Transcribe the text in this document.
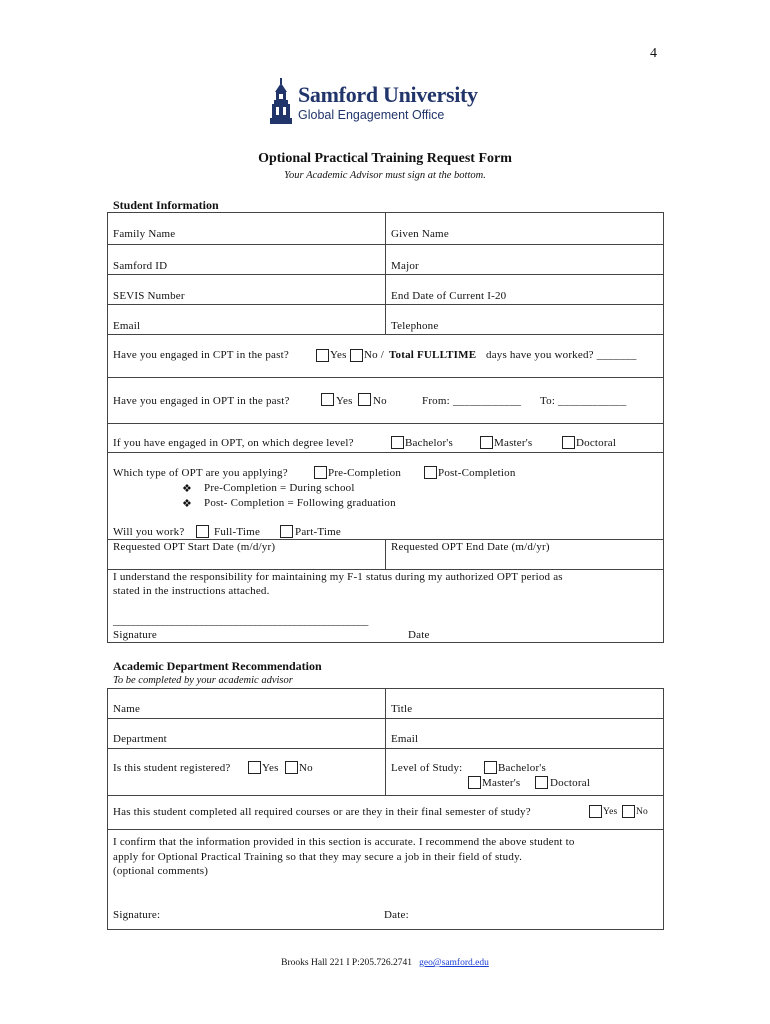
4
Samford University
Global Engagement Office
Optional Practical Training Request Form
Your Academic Advisor must sign at the bottom.
Student Information
Family Name	Given Name
Samford ID	Major
SEVIS Number	End Date of Current I-20
Email	Telephone
Have you engaged in CPT in the past?	Yes No / Total FULLTIME days have you worked? _______
Have you engaged in OPT in the past?	Yes No	From: ____________ To: ____________
If you have engaged in OPT, on which degree level?	Bachelor's	Master's	Doctoral
Which type of OPT are you applying?	Pre-Completion	Post-Completion
❖ Pre-Completion = During school
❖ Post- Completion = Following graduation
Will you work?	Full-Time	Part-Time
Requested OPT Start Date (m/d/yr)	Requested OPT End Date (m/d/yr)
I understand the responsibility for maintaining my F-1 status during my authorized OPT period as
stated in the instructions attached.
____________________________________________________
Signature	Date
Academic Department Recommendation
To be completed by your academic advisor
Name	Title
Department	Email
Is this student registered?	Yes No	Level of Study:	Bachelor's
Master's	Doctoral
Has this student completed all required courses or are they in their final semester of study?	Yes No
I confirm that the information provided in this section is accurate. I recommend the above student to
apply for Optional Practical Training so that they may secure a job in their field of study.
(optional comments)
Signature:	Date:
Brooks Hall 221 I P:205.726.2741 geo@samford.edu
